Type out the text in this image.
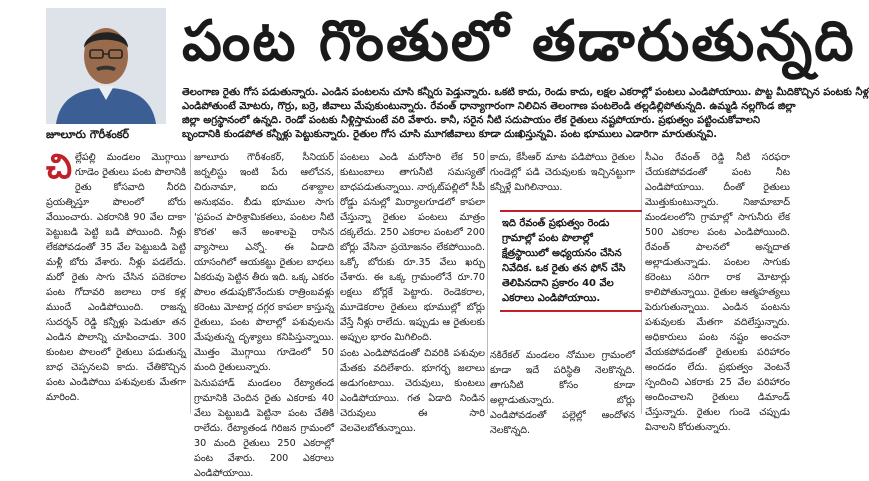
జూలూరు గౌరీశంకర్
పంట గొంతులో తడారుతున్నది

తెలంగాణ రైతు గోస పడుతున్నారు. ఎండిన పంటలను చూసి కన్నీరు పెడ్తున్నారు. ఒకటి కాదు, రెండు కాదు, లక్షల ఎకరాల్లో పంటలు ఎండిపోయాయి. పొట్ట మీదికొచ్చిన పంటకు నీళ్ల

ఎండిపోతుంటే మోటరు, గొర్రు, బర్రె, జీవాలు మేపుకుంటున్నారు. రేవంత్ ధాన్యాగారంగా నిలిచిన తెలంగాణ పంటలెండి తల్లడిల్లిపోతున్నది. ఉమ్మడి నల్లగొండ జిల్లా

జిల్లా అగ్రస్థానంలో ఉన్నది. రెండో పంటకు నీళ్లిస్తామంటే వరి వేశారు. కానీ, సరైన నీటి సదుపాయం లేక రైతులు నష్టపోయారు. ప్రభుత్వం పట్టించుకోవాలని

బృందానికి కుండపోత కన్నీళ్లు పెట్టుకున్నారు. రైతుల గోస చూసి మూగజీవాలు కూడా దుఃఖిస్తున్నవి. పంట భూములు ఎడారిగా మారుతున్నవి.

చిల్లేపల్లి మండలం మొగ్గాయి గూడెం రైతులు పంట పొలానికి రైతు కోసవాది నీరది ప్రయత్నిస్తూ పొలంలో బోరు వేయించారు. ఎకరానికి 90 వేల దాకా పెట్టుబడి పెట్టి బడి పోయింది. నీళ్లు లేకపోవడంతో 35 వేల పెట్టుబడి పెట్టి మళ్లీ బోరు వేశారు. నీళ్లు పడలేదు. మరో రైతు సాగు చేసిన పదెకరాల పంట గోదావరి జలాలు రాక కళ్ల ముందే ఎండిపోయింది. రాజన్న సుదర్శన్ రెడ్డి కన్నీళ్లు పెడుతూ తన ఎండిన పొలాన్ని చూపించాడు. 300 కుంటల పొలంలో రైతులు పడుతున్న బాధ చెప్పనలవి కాదు. చేతికొచ్చిన పంట ఎండిపోయి పశువులకు మేతగా మారింది.

జూలూరు గౌరీశంకర్, సీనియర్ జర్నలిస్టు ఇంటి పేరు ఆలోచన, చిరునామా, ఐదు దశాబ్దాల అనుభవం. బీడు భూముల సాగు 'ప్రపంచ పారిశ్రామికతలు, పంటల నీటి కొరత' అనే అంశాలపై రాసిన వ్యాసాలు ఎన్నో. ఈ ఏడాది యాసంగిలో ఆయకట్టు రైతుల బాధలు ఏకరువు పెట్టిన తీరు ఇది. ఒక్క ఎకరం పొలం తడుపుకొనేందుకు రాత్రింబవళ్లు కరెంటు మోటార్ల దగ్గర కాపలా కాస్తున్న రైతులు, పంట పొలాల్లో పశువులను మేపుతున్న దృశ్యాలు కనిపిస్తున్నాయి. మొత్తం మొగ్గాయి గూడెంలో 50 మంది రైతులున్నారు.

పెనుపహాడ్ మండలం రేట్యాతండ గ్రామానికి చెందిన రైతు ఎకరాకు 40 వేలు పెట్టుబడి పెట్టినా పంట చేతికి రాలేదు. రేట్యాతండ గిరిజన గ్రామంలో 30 మంది రైతులు 250 ఎకరాల్లో పంట వేశారు. 200 ఎకరాలు ఎండిపోయాయి.

పంటలు ఎండి మరోసారి లేక 50 కుటుంబాలు తాగునీటి సమస్యతో బాధపడుతున్నాయి. నార్కట్‌పల్లిలో సీపీ రోడ్డు పనుల్లో మిర్యాలగూడలో కాపలా చేస్తున్నా రైతుల పంటలు మాత్రం దక్కలేదు. 250 ఎకరాల పంటలో 200 బోర్లు వేసినా ప్రయోజనం లేకపోయింది. ఒక్కో బోరుకు రూ.35 వేలు ఖర్చు చేశారు. ఈ ఒక్క గ్రామంలోనే రూ.70 లక్షలు బోర్లకే పెట్టారు. రెండెకరాల, మూడెకరాల రైతులు భూముల్లో బోర్లు వేస్తే నీళ్లు రాలేదు. ఇప్పుడు ఆ రైతులకు అప్పుల భారం మిగిలింది.

పంట ఎండిపోవడంతో చివరికి పశువుల మేతకు వదిలేశారు. భూగర్భ జలాలు అడుగంటాయి. చెరువులు, కుంటలు ఎండిపోయాయి. గత ఏడాది నిండిన చెరువులు ఈ సారి వెలవెలబోతున్నాయి.

కాదు, కేసీఆర్ మాట పడిపోయి రైతుల గుండెల్లో పడి చెరువులకు ఇచ్చినట్టుగా కన్నీళ్లే మిగిలినాయి.

ఇది రేవంత్ ప్రభుత్వం రెండు గ్రామాల్లో పంట పొలాల్లో క్షేత్రస్థాయిలో అధ్యయనం చేసిన నివేదిక. ఒక రైతు తన ఫోన్ చేసి తెలిపినదాని ప్రకారం 40 వేల ఎకరాలు ఎండిపోయాయి.

నకిరేకల్ మండలం నోముల గ్రామంలో కూడా ఇదే పరిస్థితి నెలకొన్నది. తాగునీటి కోసం కూడా అల్లాడుతున్నారు. బోర్లు ఎండిపోవడంతో పల్లెల్లో ఆందోళన నెలకొన్నది.

సీఎం రేవంత్ రెడ్డి నీటి సరఫరా చేయకపోవడంతో పంట నీట ఎండిపోయాయి. దీంతో రైతులు మొత్తుకుంటున్నారు. నిజామాబాద్ మండలంలోని గ్రామాల్లో సాగునీరు లేక 500 ఎకరాల పంట ఎండిపోయింది. రేవంత్ పాలనలో అన్నదాత అల్లాడుతున్నాడు. పంటల సాగుకు కరెంటు సరిగా రాక మోటార్లు కాలిపోతున్నాయి. రైతుల ఆత్మహత్యలు పెరుగుతున్నాయి. ఎండిన పంటను పశువులకు మేతగా వదిలేస్తున్నారు. అధికారులు పంట నష్టం అంచనా వేయకపోవడంతో రైతులకు పరిహారం అందడం లేదు. ప్రభుత్వం వెంటనే స్పందించి ఎకరాకు 25 వేల పరిహారం అందించాలని రైతులు డిమాండ్ చేస్తున్నారు. రైతుల గుండె చప్పుడు వినాలని కోరుతున్నారు.
